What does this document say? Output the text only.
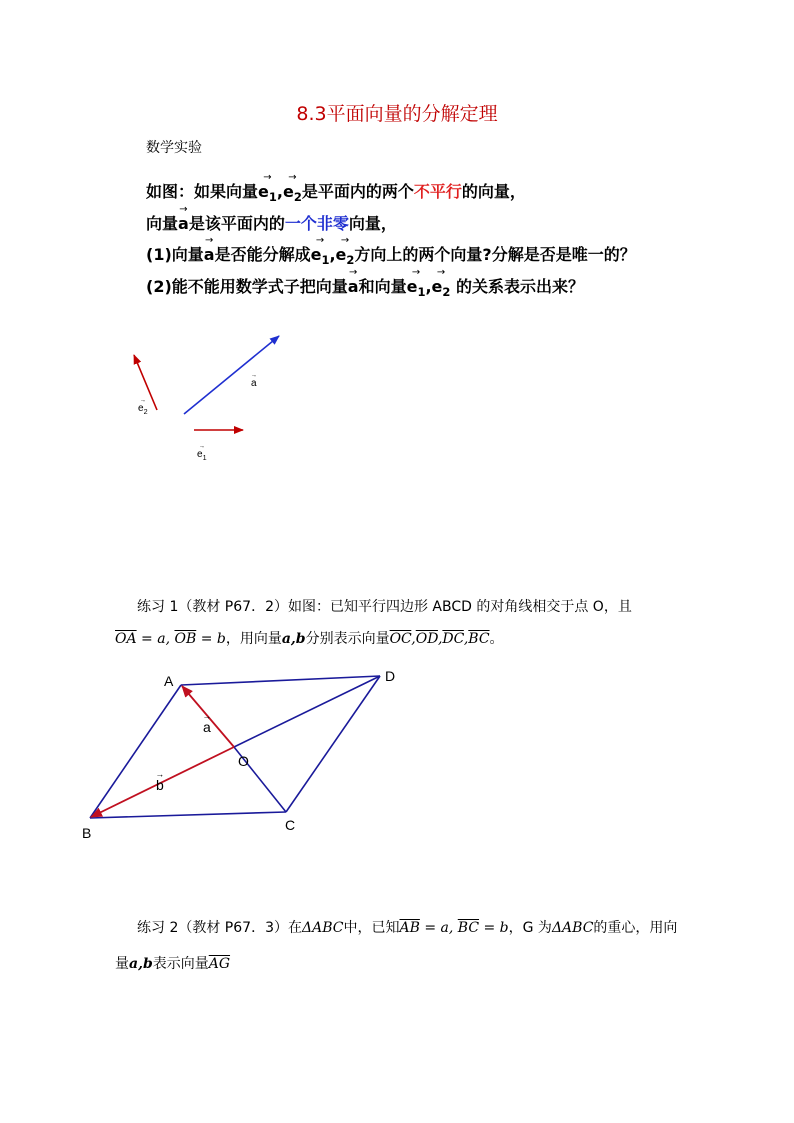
8.3平面向量的分解定理
数学实验
如图：如果向量→ $e_1,\to e_2$是平面内的两个不平行的向量，
向量→ a是该平面内的一个非零向量，
(1)向量→ a是否能分解成→ $e_1,\to e_2$方向上的两个向量?分解是否是唯一的？
(2)能不能用数学式子把向量→ a和向量→ $e_1,\to e_2$ 的关系表示出来？
→ a
→ $e_2$
→ $e_1$
练习 1（教材 P67．2）如图：已知平行四边形 ABCD 的对角线相交于点 O，且
$\overline{OA} = a$, $\overline{OB} = b$，用向量a,b分别表示向量$\overline{OC},\overline{OD},\overline{DC},\overline{BC}$。
A	D
B	C
O
→ a
→ b
练习 2（教材 P67．3）在ΔABC中，已知$\overline{AB} = a$, $\overline{BC} = b$，G 为ΔABC的重心，用向
量a,b表示向量$\overline{AG}$
